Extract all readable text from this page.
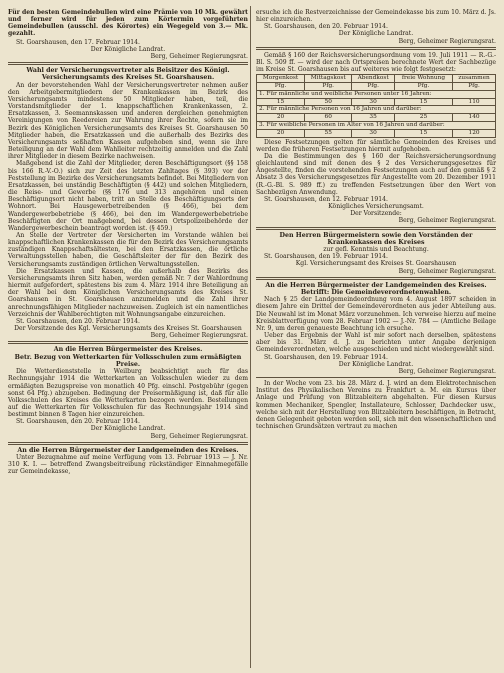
Für den besten Gemeindebullen wird eine Prämie von 10 Mk. gewährt und ferner wird für jeden zum Körtermin vorgeführten Gemeindebullen (ausschl. des Körortes) ein Wegegeld von 3.— Mk. gezahlt.

St. Goarshausen, den 17. Februar 1914.

Der Königliche Landrat.

Berg, Geheimer Regierungsrat.

Wahl der Versicherungsvertreter als Beisitzer des Königl. Versicherungsamts des Kreises St. Goarshausen.

An der bevorstehenden Wahl der Versicherungsvertreter nehmen außer den Arbeitgebermitgliedern der Krankenkassen im Bezirk des Versicherungsamts mindestens 50 Mitglieder haben, teil, die Vorstandsmitglieder der 1. knappschaftlichen Krankenkassen, 2. Ersatzkassen, 3. Seemannskassen und anderen dergleichen genehmigten Vereinigungen von Reedereien zur Wahrung ihrer Rechte, sofern sie im Bezirk des Königlichen Versicherungsamts des Kreises St. Goarshausen 50 Mitglieder haben, die Ersatzkassen und die außerhalb des Bezirks des Versicherungsamts seßhaften Kassen aufgehoben sind, wenn sie ihre Beteiligung an der Wahl dem Wahlleiter rechtzeitig anmelden und die Zahl ihrer Mitglieder in diesem Bezirke nachweisen.

Maßgebend ist die Zahl der Mitglieder, deren Beschäftigungsort (§§ 158 bis 166 R.-V.-O.) sich zur Zeit des letzten Zahltages (§ 393) vor der Feststellung im Bezirke des Versicherungsamts befindet. Bei Mitgliedern von Ersatzkassen, bei unständig Beschäftigten (§ 442) und solchen Mitgliedern, die Reise- und Gewerbe (§§ 176 und 313 angehören und einen Beschäftigungsort nicht haben, tritt an Stelle des Beschäftigungsorts der Wohnort. Bei Hausgewerbetreibenden (§ 466), bei dem Wandergewerbebetriebe (§ 466), bei den im Wandergewerbebetriebe Beschäftigten der Ort maßgebend, bei dessen Ortspolizeibehörde der Wandergewerbeschein beantragt worden ist. (§ 459.)

An Stelle der Vertreter der Versicherten im Vorstande wählen bei knappschaftlichen Krankenkassen die für den Bezirk des Versicherungsamts zuständigen Knappschaftsältesten, bei den Ersatzkassen, die örtliche Verwaltungsstellen haben, die Geschäftsleiter der für den Bezirk des Versicherungsamts zuständigen örtlichen Verwaltungsstellen.

Die Ersatzkassen und Kassen, die außerhalb des Bezirks des Versicherungsamts ihren Sitz haben, werden gemäß Nr. 7 der Wahlordnung hiermit aufgefordert, spätestens bis zum 4. März 1914 ihre Beteiligung an der Wahl bei dem Königlichen Versicherungsamts des Kreises St. Goarshausen in St. Goarshausen anzumelden und die Zahl ihrer anrechnungsfähigen Mitglieder nachzuweisen. Zugleich ist ein namentliches Verzeichnis der Wahlberechtigten mit Wohnungsangabe einzureichen.

St. Goarshausen, den 20. Februar 1914.

Der Vorsitzende des Kgl. Versicherungsamts des Kreises St. Goarshausen

Berg, Geheimer Regierungsrat.

An die Herren Bürgermeister des Kreises.

Betr. Bezug von Wetterkarten für Volksschulen zum ermäßigten Preise.

Die Wetterdienststelle in Weilburg beabsichtigt auch für das Rechnungsjahr 1914 die Wetterkarten an Volksschulen wieder zu dem ermäßigten Bezugspreise von monatlich 40 Pfg. einschl. Postgebühr (gegen sonst 64 Pfg.) abzugeben. Bedingung der Preisermäßigung ist, daß für alle Volksschulen des Kreises die Wetterkarten bezogen werden. Bestellungen auf die Wetterkarten für Volksschulen für das Rechnungsjahr 1914 sind bestimmt binnen 8 Tagen hier einzureichen.

St. Goarshausen, den 20. Februar 1914.

Der Königliche Landrat.

Berg, Geheimer Regierungsrat.

An die Herren Bürgermeister der Landgemeinden des Kreises.

Unter Bezugnahme auf meine Verfügung vom 13. Februar 1913 — J. Nr. 310 K. I. — betreffend Zwangsbeitreibung rückständiger Einnahmegefälle zur Gemeindekasse,

ersuche ich die Restverzeichnisse der Gemeindekasse bis zum 10. März d. Js. hier einzureichen.

St. Goarshausen, den 20. Februar 1914.

Der Königliche Landrat.

Berg, Geheimer Regierungsrat.

Gemäß § 160 der Reichsversicherungsordnung vom 19. Juli 1911 — R.-G.-Bl. S. 509 ff. — wird der nach Ortspreisen berechnete Wert der Sachbezüge im Kreise St. Goarshausen bis auf weiteres wie folgt festgesetzt:

Morgenkost	Mittagskost	Abendkost	freie Wohnung	zusammen
Pfg.	Pfg.	Pfg.	Pfg.	Pfg.
1. Für männliche und weibliche Personen unter 16 Jahren:				
15	50	30	15	110
2. Für männliche Personen von 16 Jahren und darüber:				
20	60	35	25	140
3. Für weibliche Personen im Alter von 16 Jahren und darüber:				
20	55	30	15	120

Diese Festsetzungen gelten für sämtliche Gemeinden des Kreises und werden die früheren Festsetzungen hiermit aufgehoben.

Da die Bestimmungen des § 160 der Reichsversicherungsordnung gleichlautend sind mit denen des § 2 des Versicherungsgesetzes für Angestellte, finden die vorstehenden Festsetzungen auch auf den gemäß § 2 Absatz 3 des Versicherungsgesetzes für Angestellte vom 20. Dezember 1911 (R.-G.-Bl. S. 989 ff.) zu treffenden Festsetzungen über den Wert von Sachbezügen Anwendung.

St. Goarshausen, den 12. Februar 1914.

Königliches Versicherungsamt.

Der Vorsitzende:

Berg, Geheimer Regierungsrat.

Den Herren Bürgermeistern sowie den Vorständen der Krankenkassen des Kreises

zur gefl. Kenntnis und Beachtung.

St. Goarshausen, den 19. Februar 1914.

Kgl. Versicherungsamt des Kreises St. Goarshausen

Berg, Geheimer Regierungsrat.

An die Herren Bürgermeister der Landgemeinden des Kreises.

Betrifft: Die Gemeindeverordnetenwahlen.

Nach § 25 der Landgemeindeordnung vom 4. August 1897 scheiden in diesem Jahre ein Drittel der Gemeindeverordneten aus jeder Abteilung aus. Die Neuwahl ist im Monat März vorzunehmen. Ich verweise hierzu auf meine Kreisblattverfügung vom 28. Februar 1902 — J.-Nr. 784 — (Amtliche Beilage Nr. 9, um deren genaueste Beachtung ich ersuche.

Ueber das Ergebnis der Wahl ist mir sofort nach derselben, spätestens aber bis 31. März d. J. zu berichten unter Angabe derjenigen Gemeindeverordneten, welche ausgeschieden und nicht wiedergewählt sind.

St. Goarshausen, den 19. Februar 1914.

Der Königliche Landrat.

Berg, Geheimer Regierungsrat.

In der Woche vom 23. bis 28. März d. J. wird an dem Elektrotechnischen Institut des Physikalischen Vereins zu Frankfurt a. M. ein Kursus über Anlage und Prüfung von Blitzableitern abgehalten. Für diesen Kursus kommen Mechaniker, Spengler, Installateure, Schlosser, Dachdecker usw., welche sich mit der Herstellung von Blitzableitern beschäftigen, in Betracht, denen Gelegenheit geboten werden soll, sich mit den wissenschaftlichen und technischen Grundsätzen vertraut zu machen
